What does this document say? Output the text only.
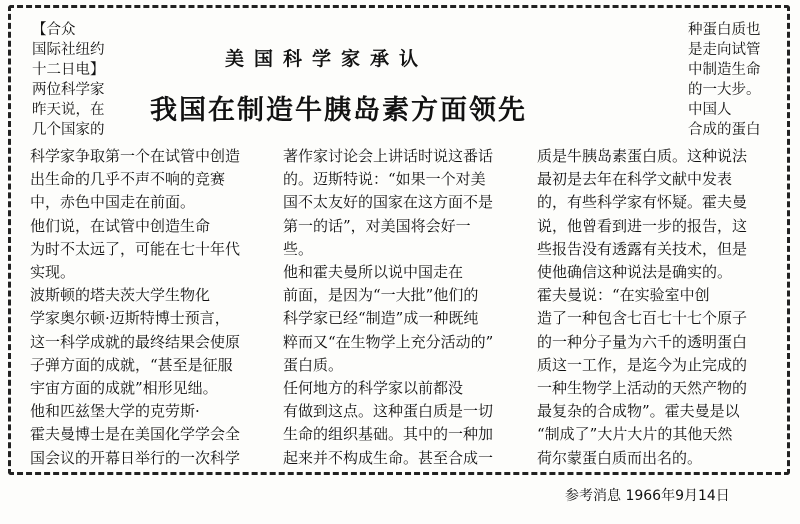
美国科学家承认
我国在制造牛胰岛素方面领先
【合众
国际社纽约
十二日电】
两位科学家
昨天说，在
几个国家的
种蛋白质也
是走向试管
中制造生命
的一大步。
中国人
合成的蛋白
科学家争取第一个在试管中创造
出生命的几乎不声不响的竞赛
中，赤色中国走在前面。
他们说，在试管中创造生命
为时不太远了，可能在七十年代
实现。
波斯顿的塔夫茨大学生物化
学家奥尔顿·迈斯特博士预言，
这一科学成就的最终结果会使原
子弹方面的成就，“甚至是征服
宇宙方面的成就”相形见绌。
他和匹兹堡大学的克劳斯·
霍夫曼博士是在美国化学学会全
国会议的开幕日举行的一次科学
著作家讨论会上讲话时说这番话
的。迈斯特说：“如果一个对美
国不太友好的国家在这方面不是
第一的话”，对美国将会好一
些。
他和霍夫曼所以说中国走在
前面，是因为“一大批”他们的
科学家已经“制造”成一种既纯
粹而又“在生物学上充分活动的”
蛋白质。
任何地方的科学家以前都没
有做到这点。这种蛋白质是一切
生命的组织基础。其中的一种加
起来并不构成生命。甚至合成一
质是牛胰岛素蛋白质。这种说法
最初是去年在科学文献中发表
的，有些科学家有怀疑。霍夫曼
说，他曾看到进一步的报告，这
些报告没有透露有关技术，但是
使他确信这种说法是确实的。
霍夫曼说：“在实验室中创
造了一种包含七百七十七个原子
的一种分子量为六千的透明蛋白
质这一工作，是迄今为止完成的
一种生物学上活动的天然产物的
最复杂的合成物”。霍夫曼是以
“制成了”大片大片的其他天然
荷尔蒙蛋白质而出名的。
参考消息 1966年9月14日
